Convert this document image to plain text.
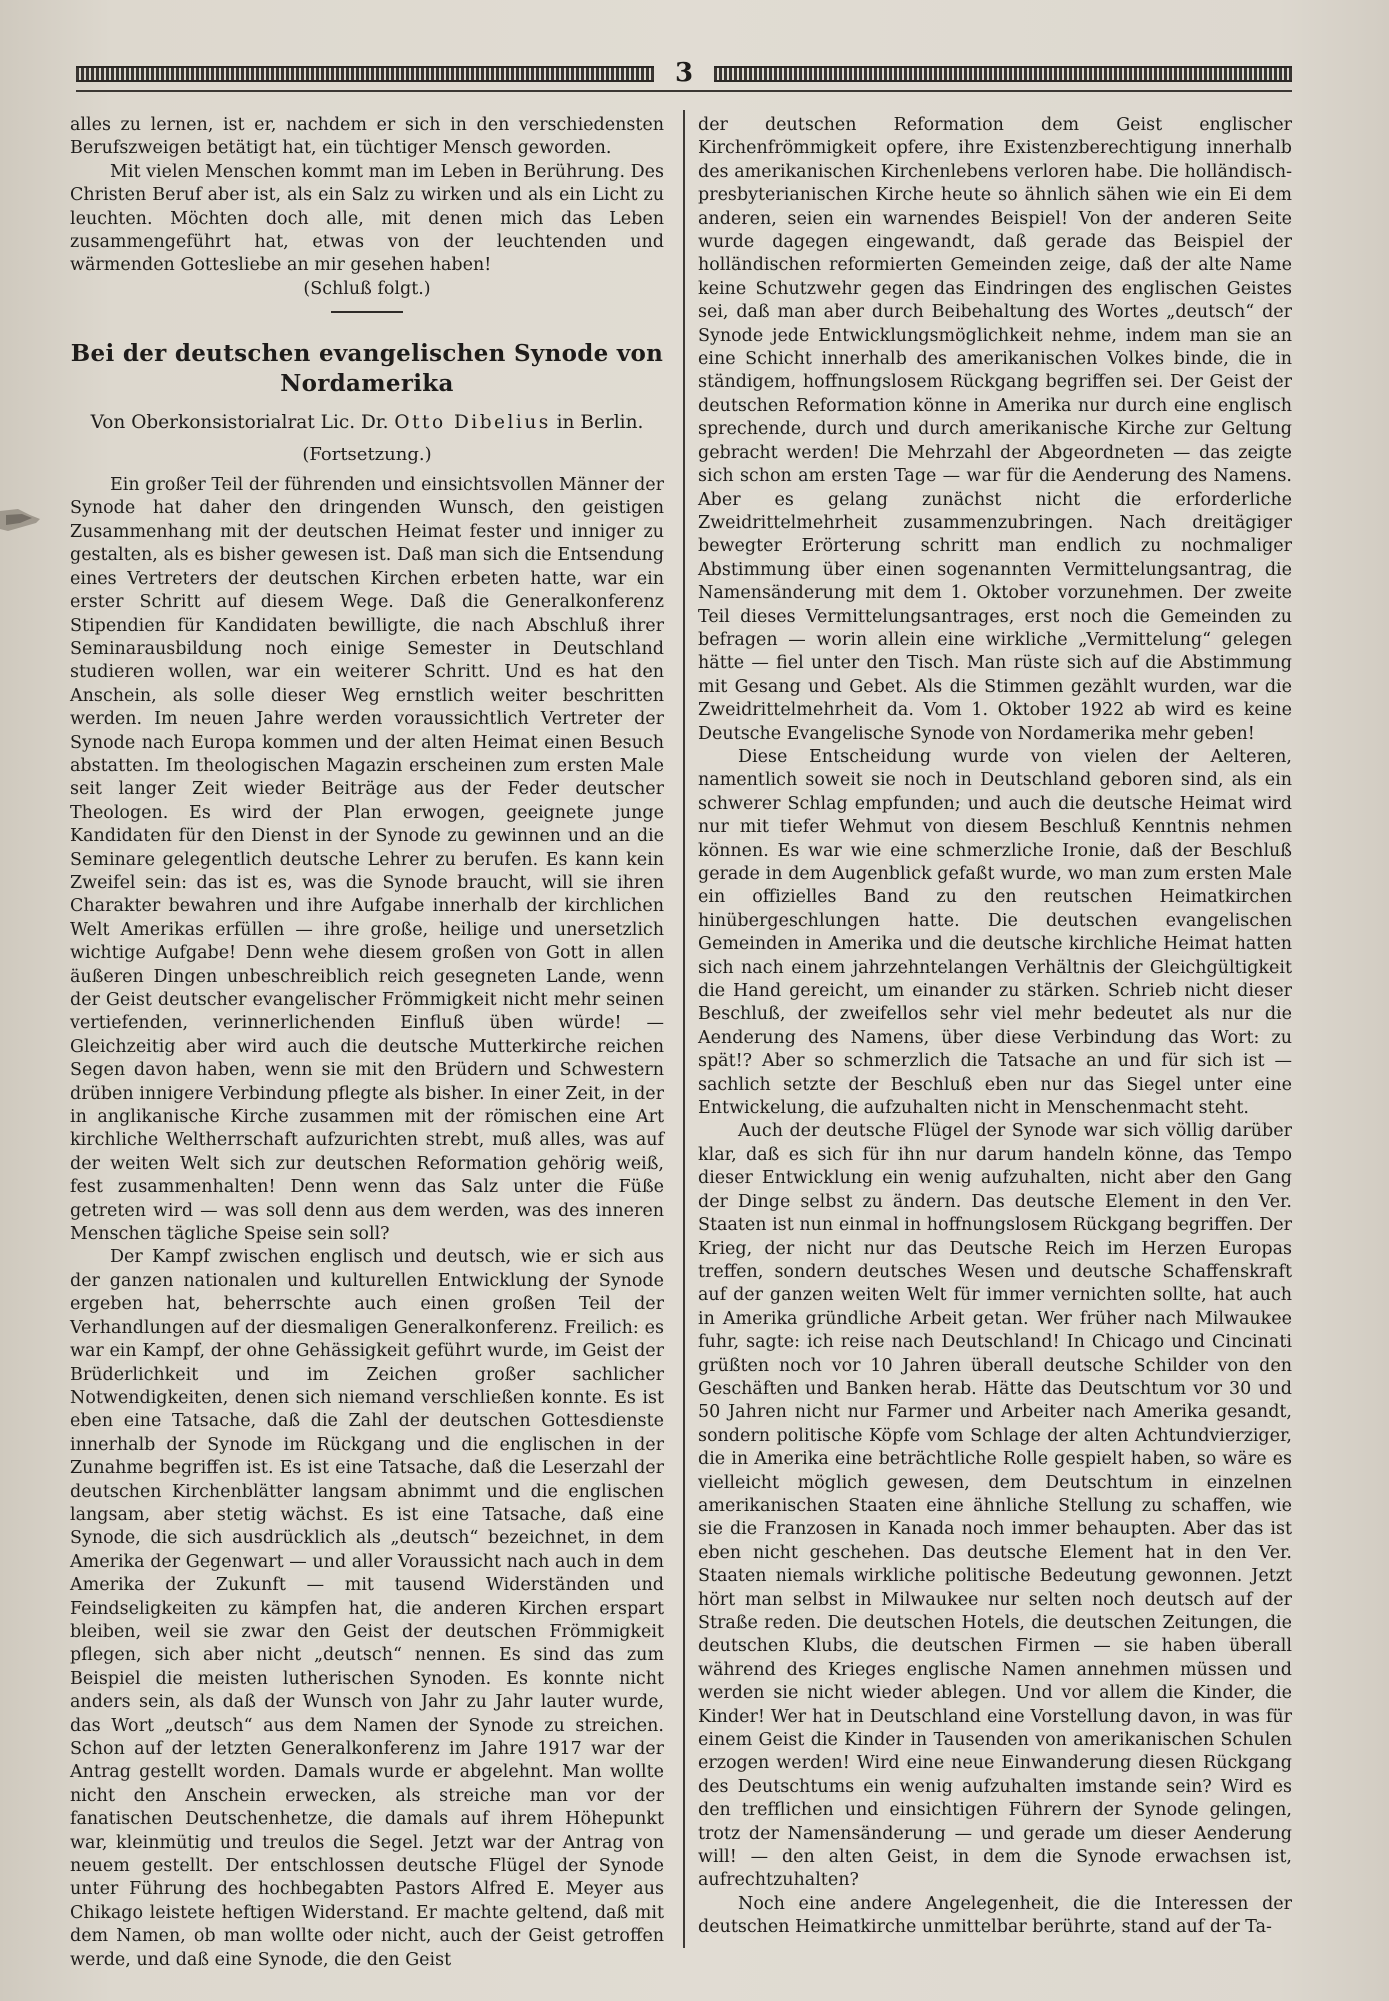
3

alles zu lernen, ist er, nachdem er sich in den verschiedensten Berufszweigen betätigt hat, ein tüchtiger Mensch geworden.

Mit vielen Menschen kommt man im Leben in Berührung. Des Christen Beruf aber ist, als ein Salz zu wirken und als ein Licht zu leuchten. Möchten doch alle, mit denen mich das Leben zusammengeführt hat, etwas von der leuchtenden und wärmenden Gottesliebe an mir gesehen haben!

(Schluß folgt.)

Bei der deutschen evangelischen Synode von Nordamerika
Von Oberkonsistorialrat Lic. Dr. Otto Dibelius in Berlin.
(Fortsetzung.)

Ein großer Teil der führenden und einsichtsvollen Männer der Synode hat daher den dringenden Wunsch, den geistigen Zusammenhang mit der deutschen Heimat fester und inniger zu gestalten, als es bisher gewesen ist. Daß man sich die Entsendung eines Vertreters der deutschen Kirchen erbeten hatte, war ein erster Schritt auf diesem Wege. Daß die Generalkonferenz Stipendien für Kandidaten bewilligte, die nach Abschluß ihrer Seminarausbildung noch einige Semester in Deutschland studieren wollen, war ein weiterer Schritt. Und es hat den Anschein, als solle dieser Weg ernstlich weiter beschritten werden. Im neuen Jahre werden voraussichtlich Vertreter der Synode nach Europa kommen und der alten Heimat einen Besuch abstatten. Im theologischen Magazin erscheinen zum ersten Male seit langer Zeit wieder Beiträge aus der Feder deutscher Theologen. Es wird der Plan erwogen, geeignete junge Kandidaten für den Dienst in der Synode zu gewinnen und an die Seminare gelegentlich deutsche Lehrer zu berufen. Es kann kein Zweifel sein: das ist es, was die Synode braucht, will sie ihren Charakter bewahren und ihre Aufgabe innerhalb der kirchlichen Welt Amerikas erfüllen — ihre große, heilige und unersetzlich wichtige Aufgabe! Denn wehe diesem großen von Gott in allen äußeren Dingen unbeschreiblich reich gesegneten Lande, wenn der Geist deutscher evangelischer Frömmigkeit nicht mehr seinen vertiefenden, verinnerlichenden Einfluß üben würde! — Gleichzeitig aber wird auch die deutsche Mutterkirche reichen Segen davon haben, wenn sie mit den Brüdern und Schwestern drüben innigere Verbindung pflegte als bisher. In einer Zeit, in der in anglikanische Kirche zusammen mit der römischen eine Art kirchliche Weltherrschaft aufzurichten strebt, muß alles, was auf der weiten Welt sich zur deutschen Reformation gehörig weiß, fest zusammenhalten! Denn wenn das Salz unter die Füße getreten wird — was soll denn aus dem werden, was des inneren Menschen tägliche Speise sein soll?

Der Kampf zwischen englisch und deutsch, wie er sich aus der ganzen nationalen und kulturellen Entwicklung der Synode ergeben hat, beherrschte auch einen großen Teil der Verhandlungen auf der diesmaligen Generalkonferenz. Freilich: es war ein Kampf, der ohne Gehässigkeit geführt wurde, im Geist der Brüderlichkeit und im Zeichen großer sachlicher Notwendigkeiten, denen sich niemand verschließen konnte. Es ist eben eine Tatsache, daß die Zahl der deutschen Gottesdienste innerhalb der Synode im Rückgang und die englischen in der Zunahme begriffen ist. Es ist eine Tatsache, daß die Leserzahl der deutschen Kirchenblätter langsam abnimmt und die englischen langsam, aber stetig wächst. Es ist eine Tatsache, daß eine Synode, die sich ausdrücklich als „deutsch“ bezeichnet, in dem Amerika der Gegenwart — und aller Voraussicht nach auch in dem Amerika der Zukunft — mit tausend Widerständen und Feindseligkeiten zu kämpfen hat, die anderen Kirchen erspart bleiben, weil sie zwar den Geist der deutschen Frömmigkeit pflegen, sich aber nicht „deutsch“ nennen. Es sind das zum Beispiel die meisten lutherischen Synoden. Es konnte nicht anders sein, als daß der Wunsch von Jahr zu Jahr lauter wurde, das Wort „deutsch“ aus dem Namen der Synode zu streichen. Schon auf der letzten Generalkonferenz im Jahre 1917 war der Antrag gestellt worden. Damals wurde er abgelehnt. Man wollte nicht den Anschein erwecken, als streiche man vor der fanatischen Deutschenhetze, die damals auf ihrem Höhepunkt war, kleinmütig und treulos die Segel. Jetzt war der Antrag von neuem gestellt. Der entschlossen deutsche Flügel der Synode unter Führung des hochbegabten Pastors Alfred E. Meyer aus Chikago leistete heftigen Widerstand. Er machte geltend, daß mit dem Namen, ob man wollte oder nicht, auch der Geist getroffen werde, und daß eine Synode, die den Geist

der deutschen Reformation dem Geist englischer Kirchenfrömmigkeit opfere, ihre Existenzberechtigung innerhalb des amerikanischen Kirchenlebens verloren habe. Die holländisch-presbyterianischen Kirche heute so ähnlich sähen wie ein Ei dem anderen, seien ein warnendes Beispiel! Von der anderen Seite wurde dagegen eingewandt, daß gerade das Beispiel der holländischen reformierten Gemeinden zeige, daß der alte Name keine Schutzwehr gegen das Eindringen des englischen Geistes sei, daß man aber durch Beibehaltung des Wortes „deutsch“ der Synode jede Entwicklungsmöglichkeit nehme, indem man sie an eine Schicht innerhalb des amerikanischen Volkes binde, die in ständigem, hoffnungslosem Rückgang begriffen sei. Der Geist der deutschen Reformation könne in Amerika nur durch eine englisch sprechende, durch und durch amerikanische Kirche zur Geltung gebracht werden! Die Mehrzahl der Abgeordneten — das zeigte sich schon am ersten Tage — war für die Aenderung des Namens. Aber es gelang zunächst nicht die erforderliche Zweidrittelmehrheit zusammenzubringen. Nach dreitägiger bewegter Erörterung schritt man endlich zu nochmaliger Abstimmung über einen sogenannten Vermittelungsantrag, die Namensänderung mit dem 1. Oktober vorzunehmen. Der zweite Teil dieses Vermittelungsantrages, erst noch die Gemeinden zu befragen — worin allein eine wirkliche „Vermittelung“ gelegen hätte — fiel unter den Tisch. Man rüste sich auf die Abstimmung mit Gesang und Gebet. Als die Stimmen gezählt wurden, war die Zweidrittelmehrheit da. Vom 1. Oktober 1922 ab wird es keine Deutsche Evangelische Synode von Nordamerika mehr geben!

Diese Entscheidung wurde von vielen der Aelteren, namentlich soweit sie noch in Deutschland geboren sind, als ein schwerer Schlag empfunden; und auch die deutsche Heimat wird nur mit tiefer Wehmut von diesem Beschluß Kenntnis nehmen können. Es war wie eine schmerzliche Ironie, daß der Beschluß gerade in dem Augenblick gefaßt wurde, wo man zum ersten Male ein offizielles Band zu den reutschen Heimatkirchen hinübergeschlungen hatte. Die deutschen evangelischen Gemeinden in Amerika und die deutsche kirchliche Heimat hatten sich nach einem jahrzehntelangen Verhältnis der Gleichgültigkeit die Hand gereicht, um einander zu stärken. Schrieb nicht dieser Beschluß, der zweifellos sehr viel mehr bedeutet als nur die Aenderung des Namens, über diese Verbindung das Wort: zu spät!? Aber so schmerzlich die Tatsache an und für sich ist — sachlich setzte der Beschluß eben nur das Siegel unter eine Entwickelung, die aufzuhalten nicht in Menschenmacht steht.

Auch der deutsche Flügel der Synode war sich völlig darüber klar, daß es sich für ihn nur darum handeln könne, das Tempo dieser Entwicklung ein wenig aufzuhalten, nicht aber den Gang der Dinge selbst zu ändern. Das deutsche Element in den Ver. Staaten ist nun einmal in hoffnungslosem Rückgang begriffen. Der Krieg, der nicht nur das Deutsche Reich im Herzen Europas treffen, sondern deutsches Wesen und deutsche Schaffenskraft auf der ganzen weiten Welt für immer vernichten sollte, hat auch in Amerika gründliche Arbeit getan. Wer früher nach Milwaukee fuhr, sagte: ich reise nach Deutschland! In Chicago und Cincinati grüßten noch vor 10 Jahren überall deutsche Schilder von den Geschäften und Banken herab. Hätte das Deutschtum vor 30 und 50 Jahren nicht nur Farmer und Arbeiter nach Amerika gesandt, sondern politische Köpfe vom Schlage der alten Achtundvierziger, die in Amerika eine beträchtliche Rolle gespielt haben, so wäre es vielleicht möglich gewesen, dem Deutschtum in einzelnen amerikanischen Staaten eine ähnliche Stellung zu schaffen, wie sie die Franzosen in Kanada noch immer behaupten. Aber das ist eben nicht geschehen. Das deutsche Element hat in den Ver. Staaten niemals wirkliche politische Bedeutung gewonnen. Jetzt hört man selbst in Milwaukee nur selten noch deutsch auf der Straße reden. Die deutschen Hotels, die deutschen Zeitungen, die deutschen Klubs, die deutschen Firmen — sie haben überall während des Krieges englische Namen annehmen müssen und werden sie nicht wieder ablegen. Und vor allem die Kinder, die Kinder! Wer hat in Deutschland eine Vorstellung davon, in was für einem Geist die Kinder in Tausenden von amerikanischen Schulen erzogen werden! Wird eine neue Einwanderung diesen Rückgang des Deutschtums ein wenig aufzuhalten imstande sein? Wird es den trefflichen und einsichtigen Führern der Synode gelingen, trotz der Namensänderung — und gerade um dieser Aenderung will! — den alten Geist, in dem die Synode erwachsen ist, aufrechtzuhalten?

Noch eine andere Angelegenheit, die die Interessen der deutschen Heimatkirche unmittelbar berührte, stand auf der Ta-
